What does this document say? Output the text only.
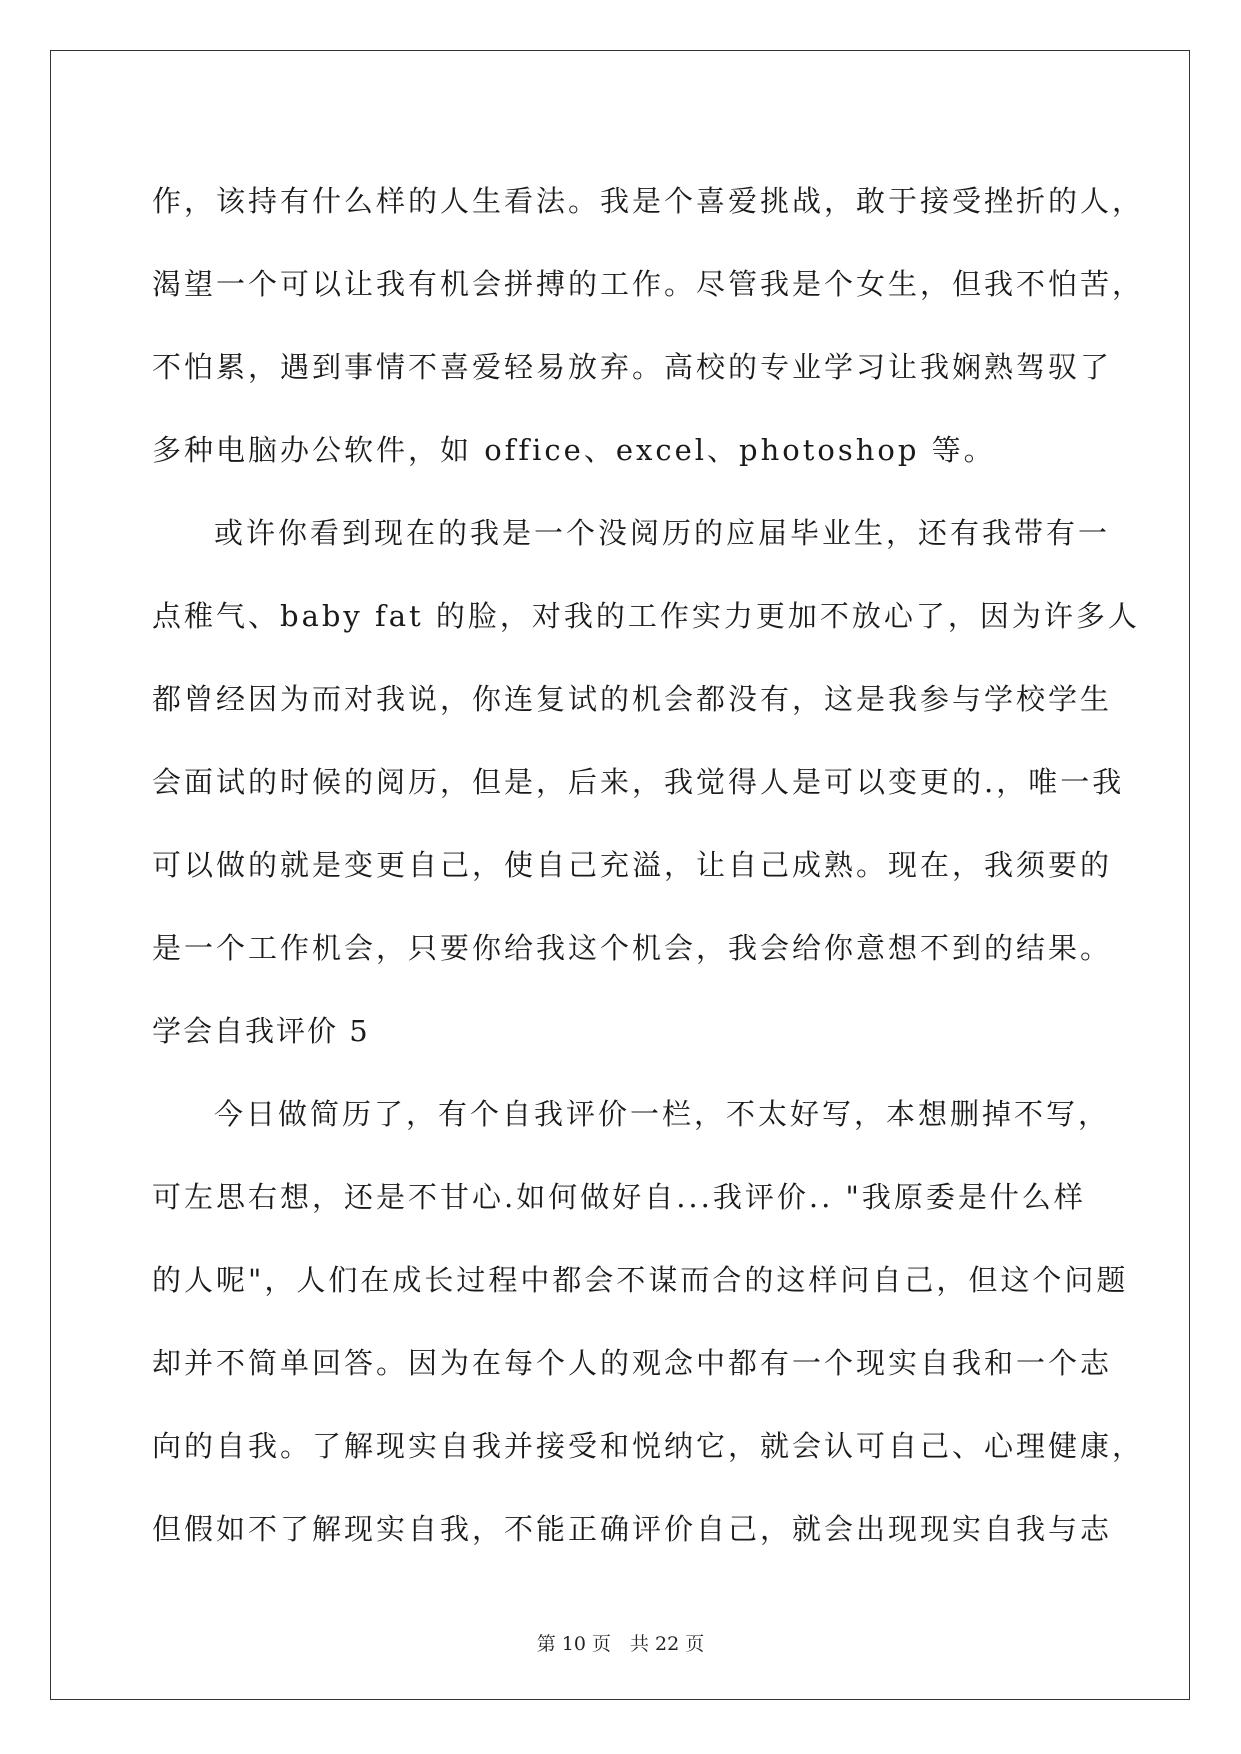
作，该持有什么样的人生看法。我是个喜爱挑战，敢于接受挫折的人，
渴望一个可以让我有机会拼搏的工作。尽管我是个女生，但我不怕苦，
不怕累，遇到事情不喜爱轻易放弃。高校的专业学习让我娴熟驾驭了
多种电脑办公软件，如 office、excel、photoshop 等。
或许你看到现在的我是一个没阅历的应届毕业生，还有我带有一
点稚气、baby fat 的脸，对我的工作实力更加不放心了，因为许多人
都曾经因为而对我说，你连复试的机会都没有，这是我参与学校学生
会面试的时候的阅历，但是，后来，我觉得人是可以变更的.，唯一我
可以做的就是变更自己，使自己充溢，让自己成熟。现在，我须要的
是一个工作机会，只要你给我这个机会，我会给你意想不到的结果。
学会自我评价 5
今日做简历了，有个自我评价一栏，不太好写，本想删掉不写，
可左思右想，还是不甘心.如何做好自...我评价.. "我原委是什么样
的人呢"，人们在成长过程中都会不谋而合的这样问自己，但这个问题
却并不简单回答。因为在每个人的观念中都有一个现实自我和一个志
向的自我。了解现实自我并接受和悦纳它，就会认可自己、心理健康，
但假如不了解现实自我，不能正确评价自己，就会出现现实自我与志
第 10 页　共 22 页
